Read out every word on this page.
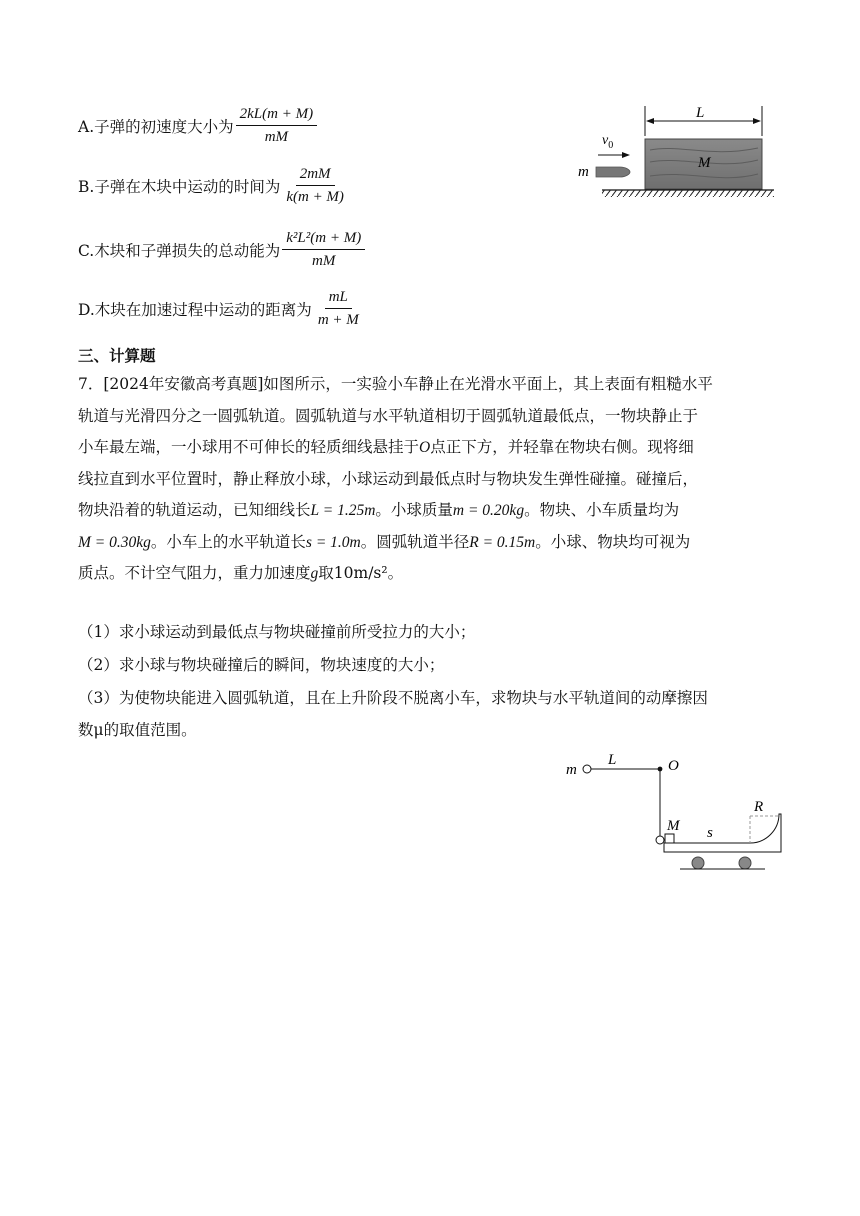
A.子弹的初速度大小为 $\frac{2kL(m + M)}{mM}$
B.子弹在木块中运动的时间为 $\frac{2mM}{k(m + M)}$
C.木块和子弹损失的总动能为 $\frac{\text{k²L²(m + M)}}{mM}$
D.木块在加速过程中运动的距离为 $\frac{mL}{m + M}$
L
M
$v_0$
m
三、计算题

7．[2024年安徽高考真题]如图所示，一实验小车静止在光滑水平面上，其上表面有粗糙水平

轨道与光滑四分之一圆弧轨道。圆弧轨道与水平轨道相切于圆弧轨道最低点，一物块静止于

小车最左端，一小球用不可伸长的轻质细线悬挂于O点正下方，并轻靠在物块右侧。现将细

线拉直到水平位置时，静止释放小球，小球运动到最低点时与物块发生弹性碰撞。碰撞后，

物块沿着的轨道运动，已知细线长L = 1.25m。小球质量m = 0.20kg。物块、小车质量均为

M = 0.30kg。小车上的水平轨道长s = 1.0m。圆弧轨道半径R = 0.15m。小球、物块均可视为

质点。不计空气阻力，重力加速度g取10m/s²。

（1）求小球运动到最低点与物块碰撞前所受拉力的大小；
（2）求小球与物块碰撞后的瞬间，物块速度的大小；
（3）为使物块能进入圆弧轨道，且在上升阶段不脱离小车，求物块与水平轨道间的动摩擦因
数μ的取值范围。
m
L	O
M s
R
